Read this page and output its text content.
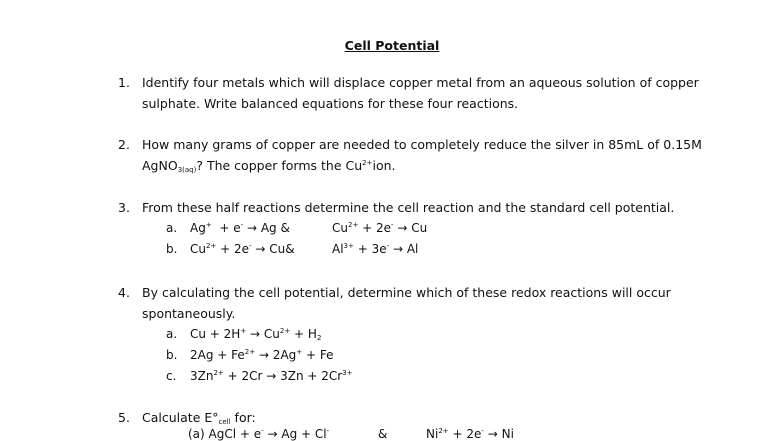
Cell Potential
1. Identify four metals which will displace copper metal from an aqueous solution of copper sulphate. Write balanced equations for these four reactions.
2. How many grams of copper are needed to completely reduce the silver in 85mL of 0.15M AgNO$_{3(aq)}$? The copper forms the $Cu^{2+}ion$.
3. From these half reactions determine the cell reaction and the standard cell potential.
a. Ag+ + e- → Ag &	$Cu^{2+} + 2e^- \to Cu$
b. $Cu^{2+} + 2e^-$ → Cu&	$Al^{3+} + 3e^- \to Al$
4. By calculating the cell potential, determine which of these redox reactions will occur spontaneously.
a. $Cu + 2H^+ \to Cu^{2+} + H_2$
b. $2Ag + Fe^{2+} \to 2Ag^+ + Fe$
c. $3Zn^{2+} + 2Cr \to 3Zn + 2Cr^{3+}$
5. Calculate $E^\circ_{cell}$ for:
(a) AgCl + e- → Ag + Cl-	&	$Ni^{2+} + 2e^- \to Ni$
